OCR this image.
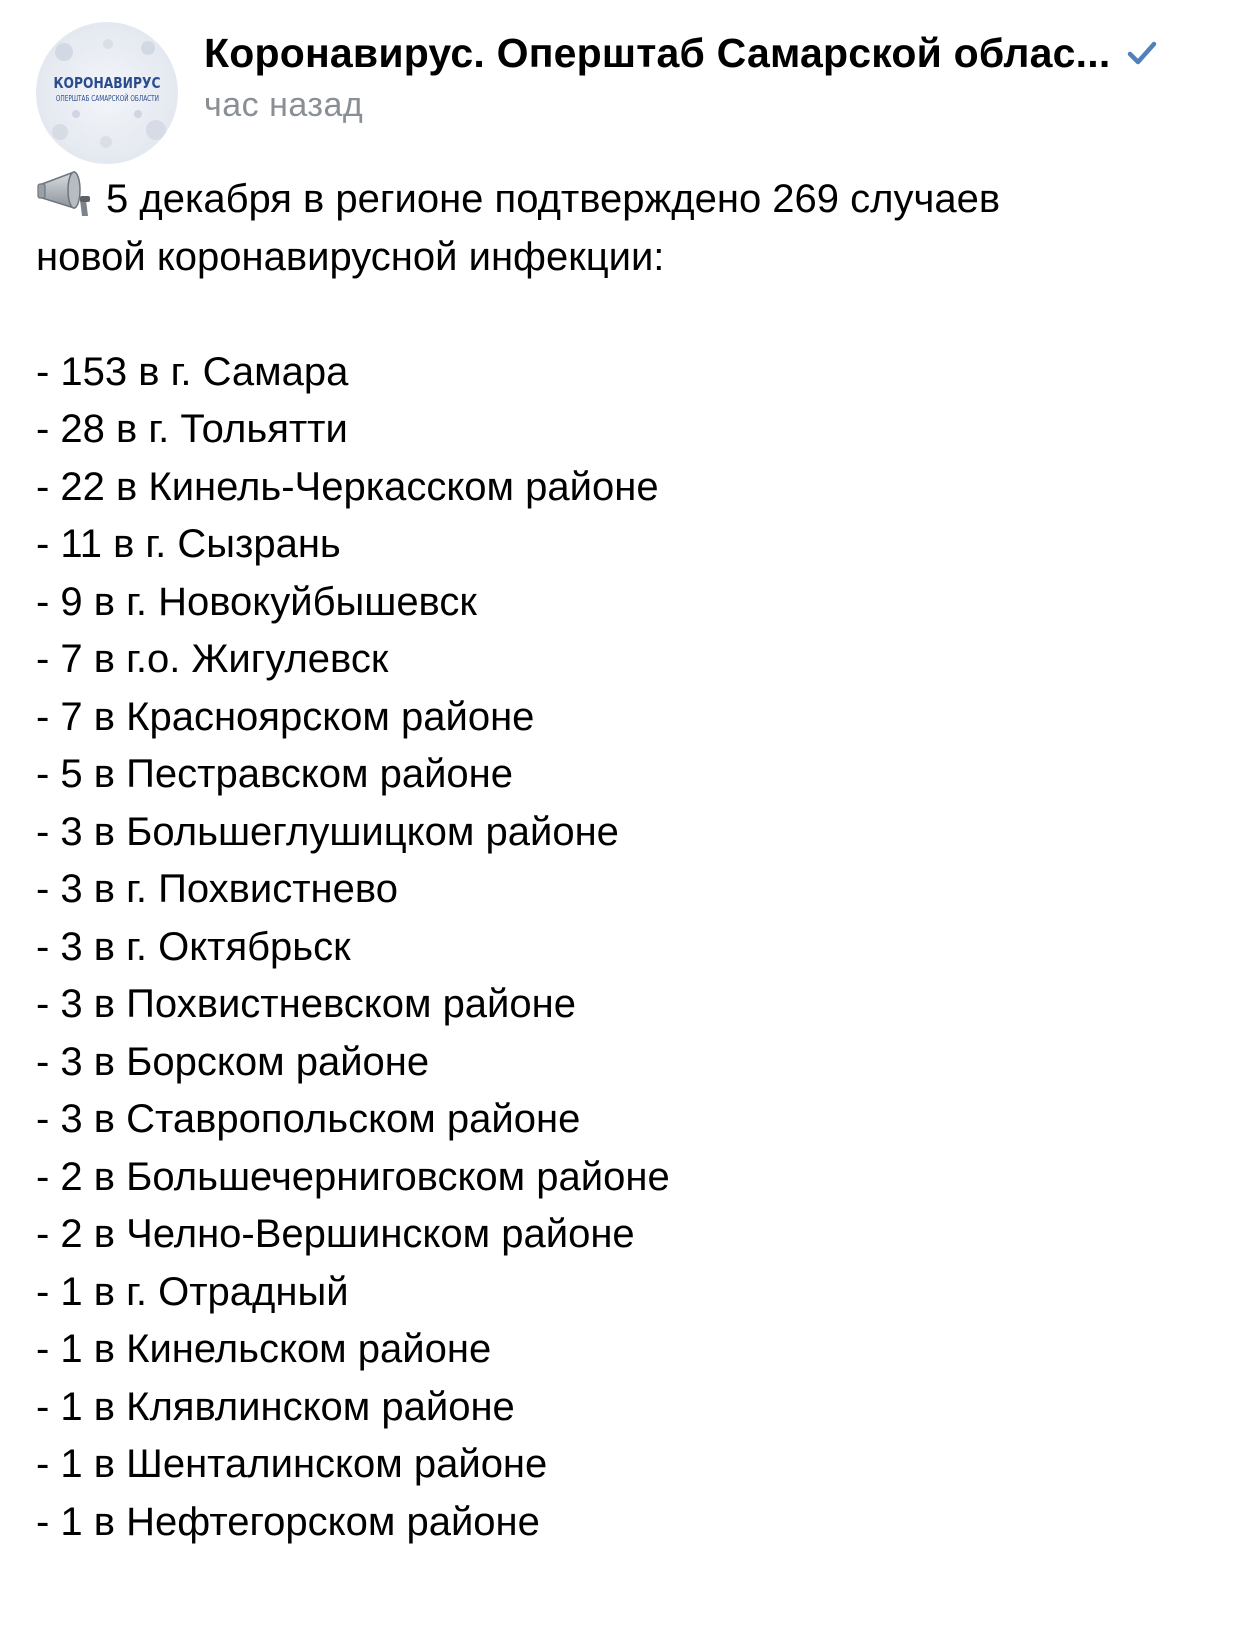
КОРОНАВИРУС
ОПЕРШТАБ САМАРСКОЙ ОБЛАСТИ
Коронавирус. Оперштаб Самарской облас...
час назад

5 декабря в регионе подтверждено 269 случаев
новой коронавирусной инфекции:

- 153 в г. Самара
- 28 в г. Тольятти
- 22 в Кинель-Черкасском районе
- 11 в г. Сызрань
- 9 в г. Новокуйбышевск
- 7 в г.о. Жигулевск
- 7 в Красноярском районе
- 5 в Пестравском районе
- 3 в Большеглушицком районе
- 3 в г. Похвистнево
- 3 в г. Октябрьск
- 3 в Похвистневском районе
- 3 в Борском районе
- 3 в Ставропольском районе
- 2 в Большечерниговском районе
- 2 в Челно-Вершинском районе
- 1 в г. Отрадный
- 1 в Кинельском районе
- 1 в Клявлинском районе
- 1 в Шенталинском районе
- 1 в Нефтегорском районе
